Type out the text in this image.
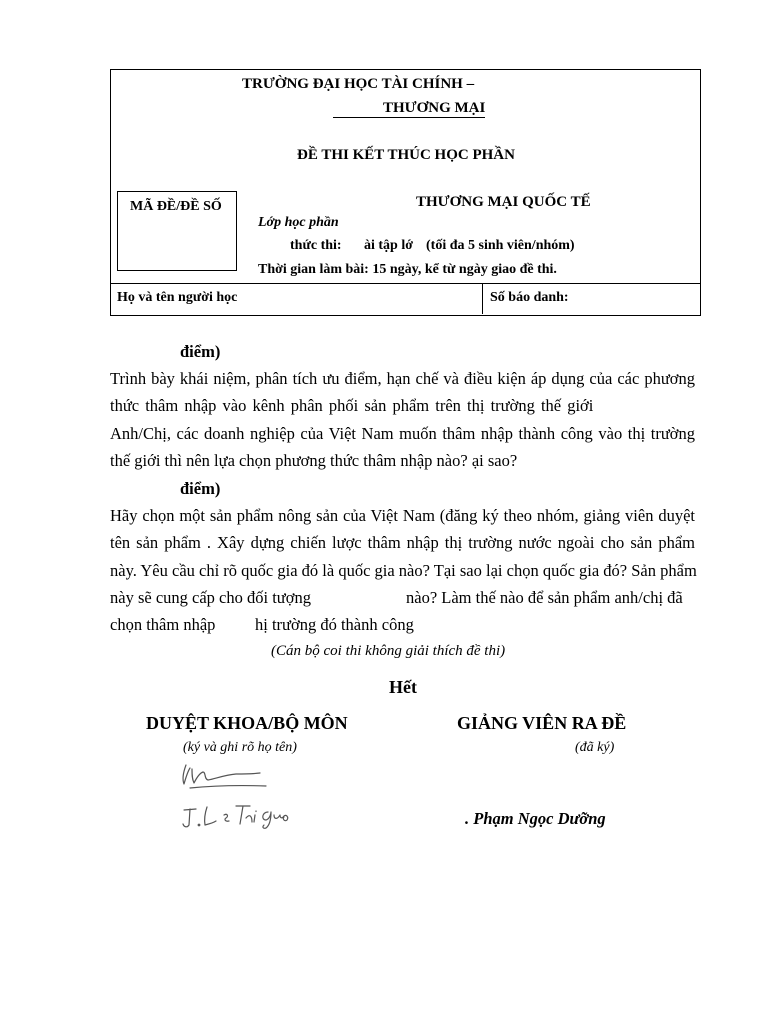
TRƯỜNG ĐẠI HỌC TÀI CHÍNH –
THƯƠNG MẠI
ĐỀ THI KẾT THÚC HỌC PHẦN
MÃ ĐỀ/ĐỀ SỐ	THƯƠNG MẠI QUỐC TẾ
Lớp học phần
thức thi: ài tập lớ (tối đa 5 sinh viên/nhóm)
Thời gian làm bài: 15 ngày, kể từ ngày giao đề thi.
Họ và tên người học	Số báo danh:
điểm)
Trình bày khái niệm, phân tích ưu điểm, hạn chế và điều kiện áp dụng của các phương
thức thâm nhập vào kênh phân phối sản phẩm trên thị trường thế giới
Anh/Chị, các doanh nghiệp của Việt Nam muốn thâm nhập thành công vào thị trường
thế giới thì nên lựa chọn phương thức thâm nhập nào? ại sao?
điểm)
Hãy chọn một sản phẩm nông sản của Việt Nam (đăng ký theo nhóm, giảng viên duyệt
tên sản phẩm . Xây dựng chiến lược thâm nhập thị trường nước ngoài cho sản phẩm
này. Yêu cầu chỉ rõ quốc gia đó là quốc gia nào? Tại sao lại chọn quốc gia đó? Sản phẩm
này sẽ cung cấp cho đối tượng	nào? Làm thế nào để sản phẩm anh/chị đã
chọn thâm nhập hị trường đó thành công
(Cán bộ coi thi không giải thích đề thi)
Hết
DUYỆT KHOA/BỘ MÔN
(ký và ghi rõ họ tên)
GIẢNG VIÊN RA ĐỀ
(đã ký)
. Phạm Ngọc Dưỡng
